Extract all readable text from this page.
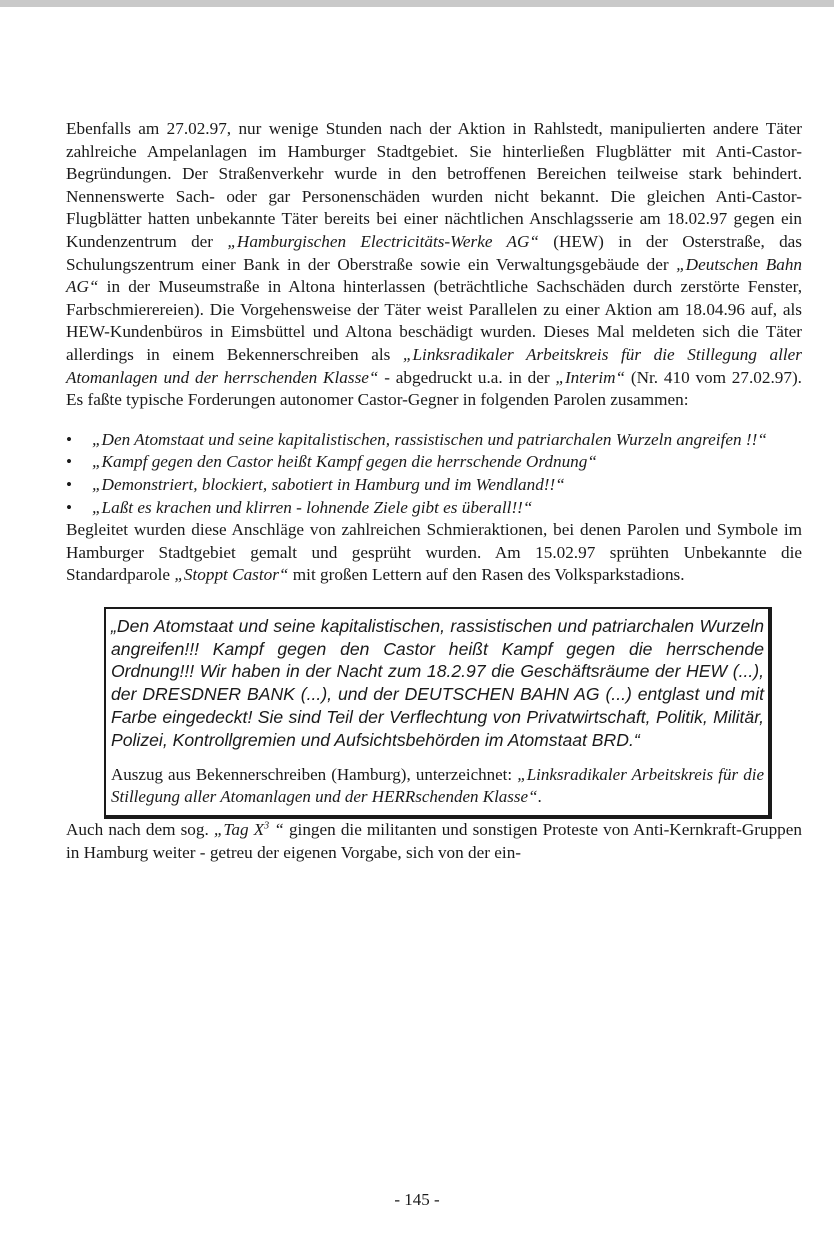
Ebenfalls am 27.02.97, nur wenige Stunden nach der Aktion in Rahlstedt, manipulierten andere Täter zahlreiche Ampelanlagen im Hamburger Stadtgebiet. Sie hinterließen Flugblätter mit Anti-Castor-Begründungen. Der Straßenverkehr wurde in den betroffenen Bereichen teilweise stark behindert. Nennenswerte Sach- oder gar Personenschäden wurden nicht bekannt. Die gleichen Anti-Castor-Flugblätter hatten unbekannte Täter bereits bei einer nächtlichen Anschlagsserie am 18.02.97 gegen ein Kundenzentrum der „Hamburgischen Electricitäts-Werke AG“ (HEW) in der Osterstraße, das Schulungszentrum einer Bank in der Oberstraße sowie ein Verwaltungsgebäude der „Deutschen Bahn AG“ in der Museumstraße in Altona hinterlassen (beträchtliche Sachschäden durch zerstörte Fenster, Farbschmierereien). Die Vorgehensweise der Täter weist Parallelen zu einer Aktion am 18.04.96 auf, als HEW-Kundenbüros in Eimsbüttel und Altona beschädigt wurden. Dieses Mal meldeten sich die Täter allerdings in einem Bekennerschreiben als „Linksradikaler Arbeitskreis für die Stillegung aller Atomanlagen und der herrschenden Klasse“ - abgedruckt u.a. in der „Interim“ (Nr. 410 vom 27.02.97). Es faßte typische Forderungen autonomer Castor-Gegner in folgenden Parolen zusammen:

• „Den Atomstaat und seine kapitalistischen, rassistischen und patriarchalen Wurzeln angreifen !!“
• „Kampf gegen den Castor heißt Kampf gegen die herrschende Ordnung“
• „Demonstriert, blockiert, sabotiert in Hamburg und im Wendland!!“
• „Laßt es krachen und klirren - lohnende Ziele gibt es überall!!“

Begleitet wurden diese Anschläge von zahlreichen Schmieraktionen, bei denen Parolen und Symbole im Hamburger Stadtgebiet gemalt und gesprüht wurden. Am 15.02.97 sprühten Unbekannte die Standardparole „Stoppt Castor“ mit großen Lettern auf den Rasen des Volksparkstadions.

„Den Atomstaat und seine kapitalistischen, rassistischen und patriarchalen Wurzeln angreifen!!! Kampf gegen den Castor heißt Kampf gegen die herrschende Ordnung!!! Wir haben in der Nacht zum 18.2.97 die Geschäftsräume der HEW (...), der DRESDNER BANK (...), und der DEUTSCHEN BAHN AG (...) entglast und mit Farbe eingedeckt! Sie sind Teil der Verflechtung von Privatwirtschaft, Politik, Militär, Polizei, Kontrollgremien und Aufsichtsbehörden im Atomstaat BRD.“

Auszug aus Bekennerschreiben (Hamburg), unterzeichnet: „Linksradikaler Arbeitskreis für die Stillegung aller Atomanlagen und der HERRschenden Klasse“.

Auch nach dem sog. „Tag $X^3$ “ gingen die militanten und sonstigen Proteste von Anti-Kernkraft-Gruppen in Hamburg weiter - getreu der eigenen Vorgabe, sich von der ein-

- 145 -
